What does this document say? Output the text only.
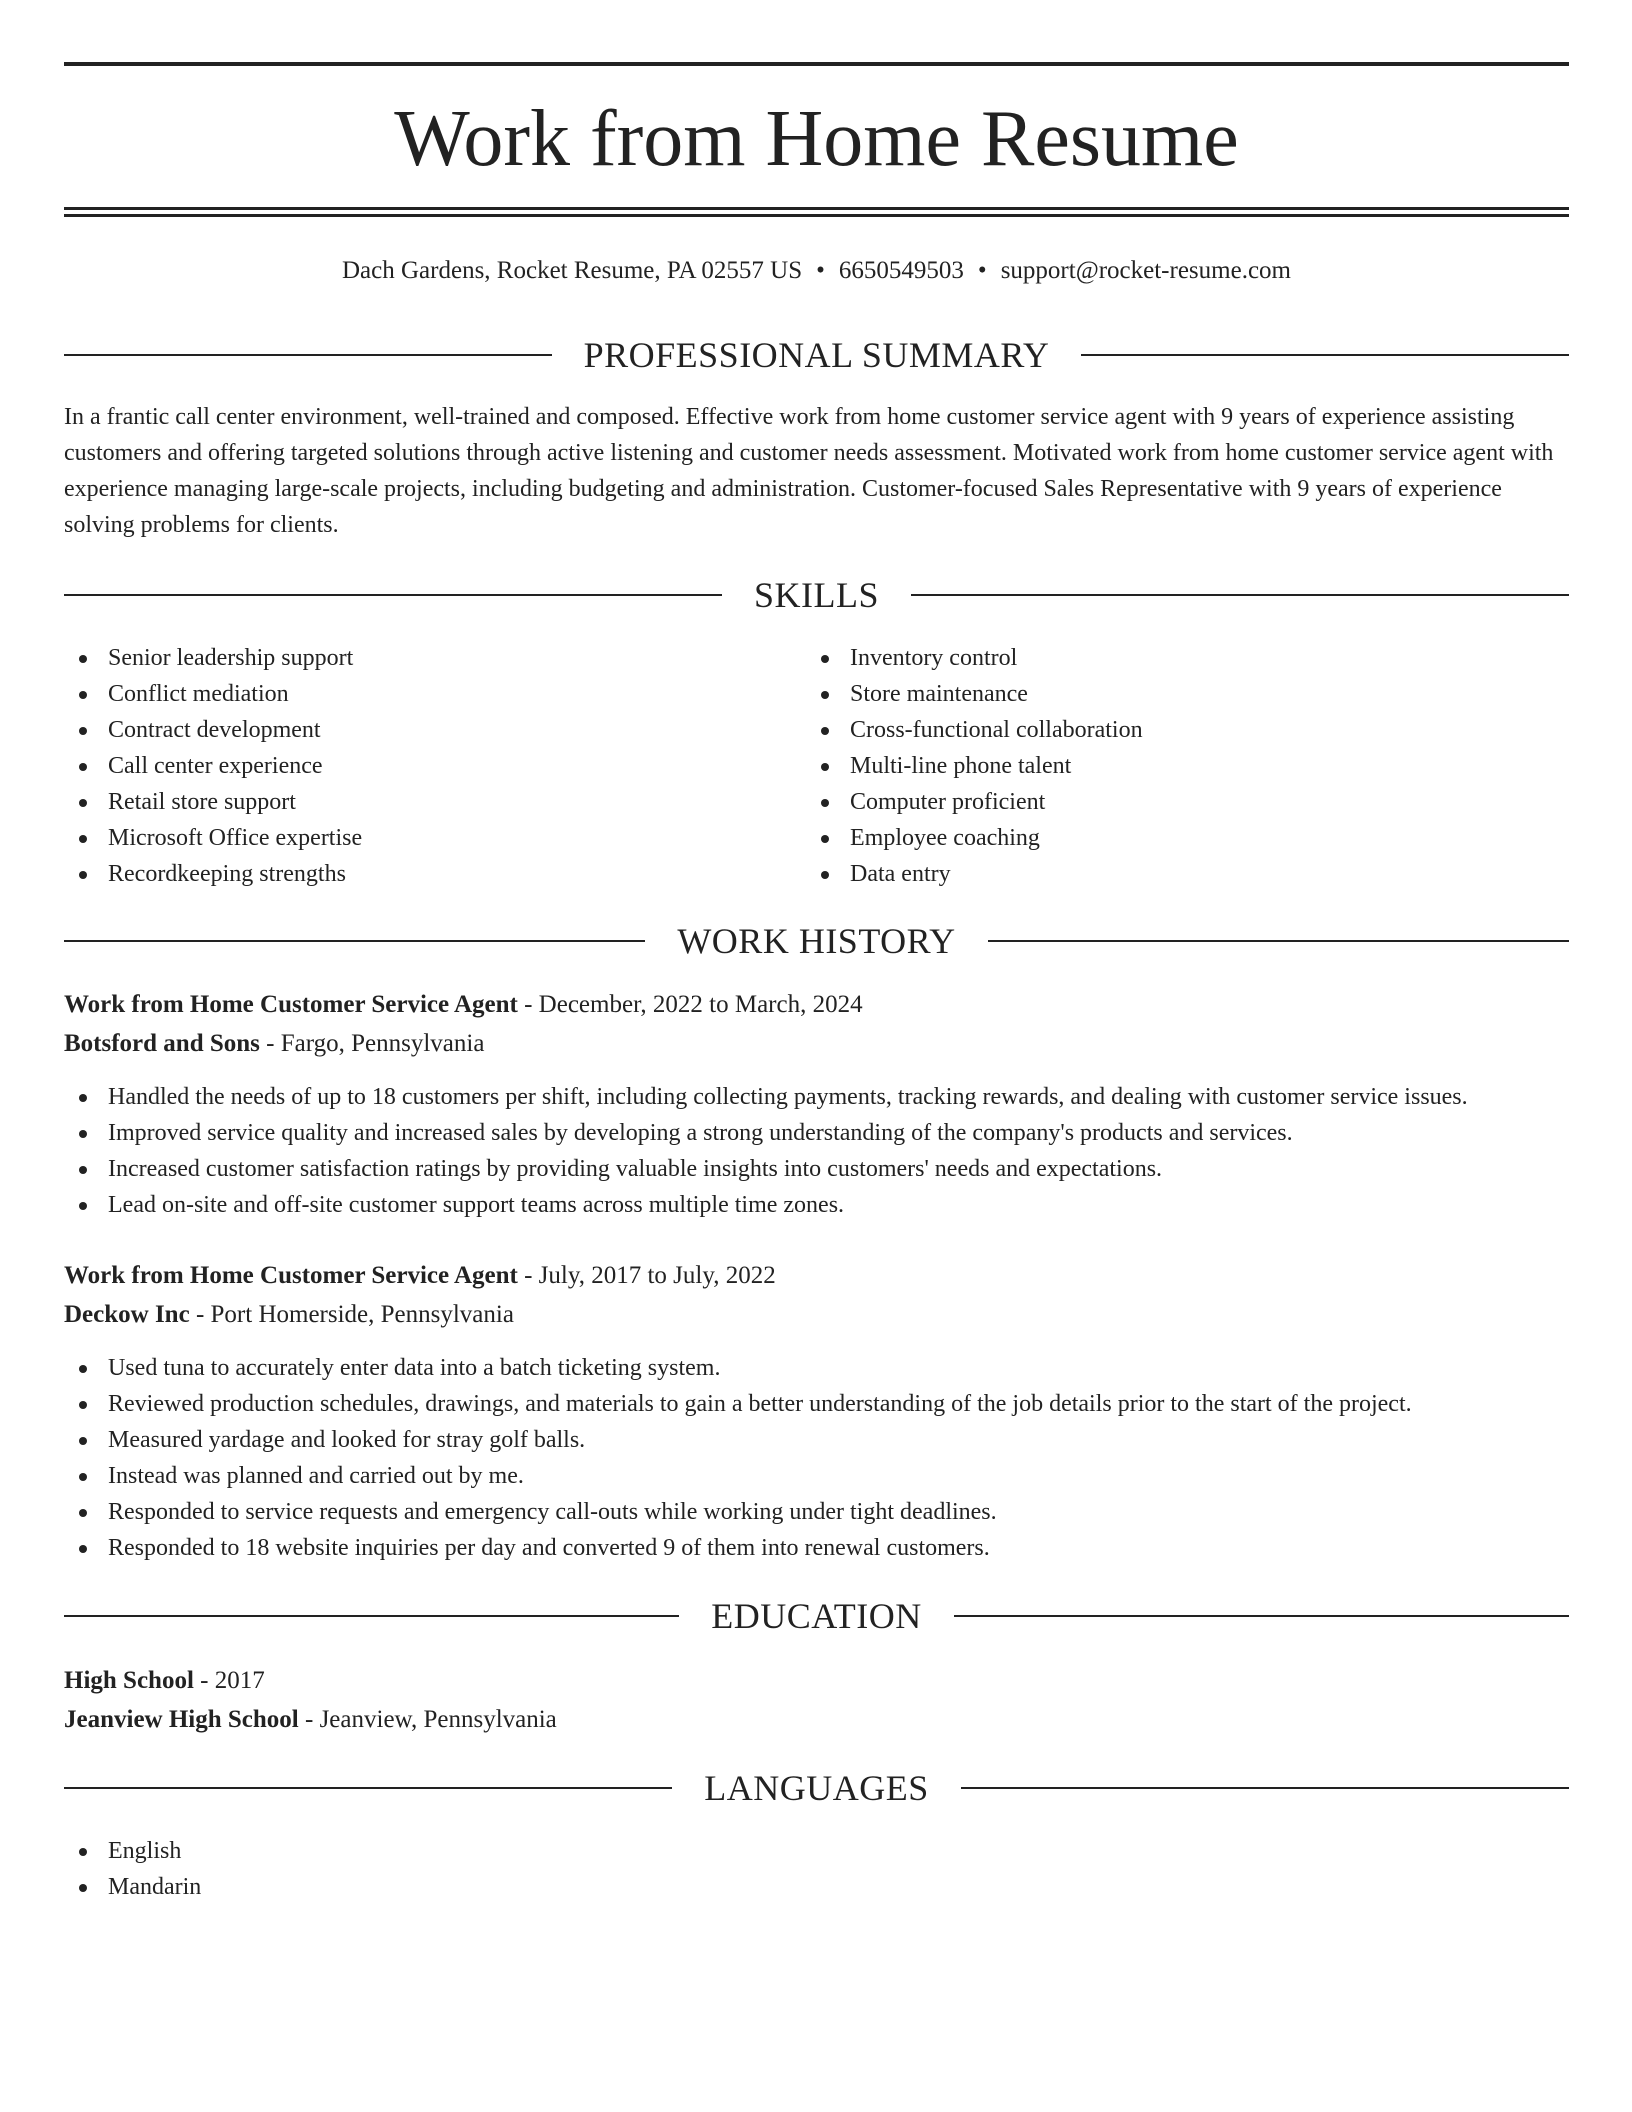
Work from Home Resume
Dach Gardens, Rocket Resume, PA 02557 US • 6650549503 • support@rocket-resume.com
PROFESSIONAL SUMMARY

In a frantic call center environment, well-trained and composed. Effective work from home customer service agent with 9 years of experience assisting customers and offering targeted solutions through active listening and customer needs assessment. Motivated work from home customer service agent with experience managing large-scale projects, including budgeting and administration. Customer-focused Sales Representative with 9 years of experience solving problems for clients.

SKILLS
Senior leadership support
Conflict mediation
Contract development
Call center experience
Retail store support
Microsoft Office expertise
Recordkeeping strengths
Inventory control
Store maintenance
Cross-functional collaboration
Multi-line phone talent
Computer proficient
Employee coaching
Data entry
WORK HISTORY
Work from Home Customer Service Agent - December, 2022 to March, 2024
Botsford and Sons - Fargo, Pennsylvania
Handled the needs of up to 18 customers per shift, including collecting payments, tracking rewards, and dealing with customer service issues.
Improved service quality and increased sales by developing a strong understanding of the company's products and services.
Increased customer satisfaction ratings by providing valuable insights into customers' needs and expectations.
Lead on-site and off-site customer support teams across multiple time zones.
Work from Home Customer Service Agent - July, 2017 to July, 2022
Deckow Inc - Port Homerside, Pennsylvania
Used tuna to accurately enter data into a batch ticketing system.
Reviewed production schedules, drawings, and materials to gain a better understanding of the job details prior to the start of the project.
Measured yardage and looked for stray golf balls.
Instead was planned and carried out by me.
Responded to service requests and emergency call-outs while working under tight deadlines.
Responded to 18 website inquiries per day and converted 9 of them into renewal customers.
EDUCATION
High School - 2017
Jeanview High School - Jeanview, Pennsylvania
LANGUAGES
English
Mandarin
